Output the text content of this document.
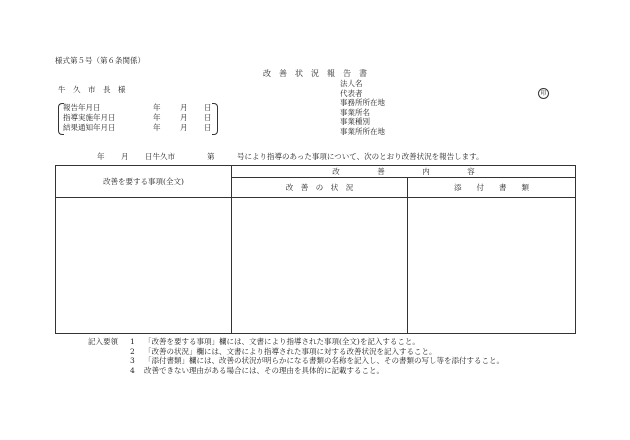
様式第５号（第６条関係）
改　善　状　況　報　告　書
牛　久　市　長　様
法人名
代表者
事務所所在地
事業所名
事業種別
事業所所在地
印
報告年月日	年	月 日
指導実施年月日	年	月 日
結果通知年月日	年	月 日
年 月 日牛久市	第	号により指導のあった事項について、次のとおり改善状況を報告します。
改善を要する事項(全文)	改　　　　　善　　　　　内　　　　　容	
	改　善　の　状　況	添　　付　　書　　類

記入要領 1 「改善を要する事項」欄には、文書により指導された事項(全文)を記入すること。
2 「改善の状況」欄には、文書により指導された事項に対する改善状況を記入すること。
3 「添付書類」欄には、改善の状況が明らかになる書類の名称を記入し、その書類の写し等を添付すること。
4 改善できない理由がある場合には、その理由を具体的に記載すること。
